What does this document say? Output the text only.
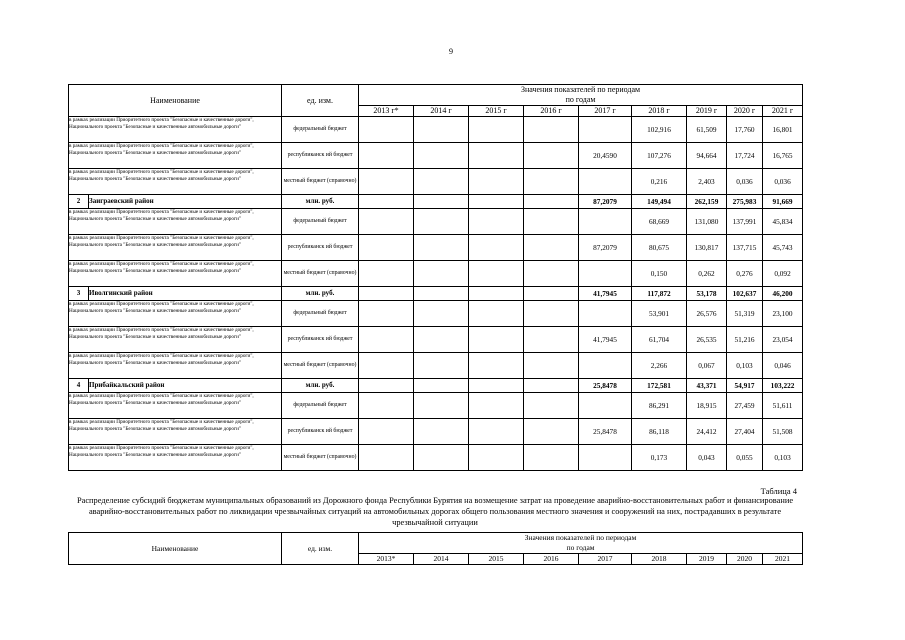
9
Наименование		ед. изм.	Значения показателей по периодам								
			по годам								
			2013 г*	2014 г	2015 г	2016 г	2017 г	2018 г	2019 г	2020 г	2021 г
в рамках реализации Приоритетного проекта "Безопасные и качественные дороги", Национального проекта "Безопасные и качественные автомобильные дороги"		федеральный бюджет						102,916	61,509	17,760	16,801
в рамках реализации Приоритетного проекта "Безопасные и качественные дороги", Национального проекта "Безопасные и качественные автомобильные дороги"		республиканск ий бюджет					20,4590	107,276	94,664	17,724	16,765
в рамках реализации Приоритетного проекта "Безопасные и качественные дороги", Национального проекта "Безопасные и качественные автомобильные дороги"		местный бюджет (справочно)						0,216	2,403	0,036	0,036
2	Заиграевский район	млн. руб.					87,2079	149,494	262,159	275,983	91,669
в рамках реализации Приоритетного проекта "Безопасные и качественные дороги", Национального проекта "Безопасные и качественные автомобильные дороги"		федеральный бюджет						68,669	131,080	137,991	45,834
в рамках реализации Приоритетного проекта "Безопасные и качественные дороги", Национального проекта "Безопасные и качественные автомобильные дороги"		республиканск ий бюджет					87,2079	80,675	130,817	137,715	45,743
в рамках реализации Приоритетного проекта "Безопасные и качественные дороги", Национального проекта "Безопасные и качественные автомобильные дороги"		местный бюджет (справочно)						0,150	0,262	0,276	0,092
3	Иволгинский район	млн. руб.					41,7945	117,872	53,178	102,637	46,200
в рамках реализации Приоритетного проекта "Безопасные и качественные дороги", Национального проекта "Безопасные и качественные автомобильные дороги"		федеральный бюджет						53,901	26,576	51,319	23,100
в рамках реализации Приоритетного проекта "Безопасные и качественные дороги", Национального проекта "Безопасные и качественные автомобильные дороги"		республиканск ий бюджет					41,7945	61,704	26,535	51,216	23,054
в рамках реализации Приоритетного проекта "Безопасные и качественные дороги", Национального проекта "Безопасные и качественные автомобильные дороги"		местный бюджет (справочно)						2,266	0,067	0,103	0,046
4	Прибайкальский район	млн. руб.					25,8478	172,581	43,371	54,917	103,222
в рамках реализации Приоритетного проекта "Безопасные и качественные дороги", Национального проекта "Безопасные и качественные автомобильные дороги"		федеральный бюджет						86,291	18,915	27,459	51,611
в рамках реализации Приоритетного проекта "Безопасные и качественные дороги", Национального проекта "Безопасные и качественные автомобильные дороги"		республиканск ий бюджет					25,8478	86,118	24,412	27,404	51,508
в рамках реализации Приоритетного проекта "Безопасные и качественные дороги", Национального проекта "Безопасные и качественные автомобильные дороги"		местный бюджет (справочно)						0,173	0,043	0,055	0,103
Таблица 4
Распределение субсидий бюджетам муниципальных образований из Дорожного фонда Республики Бурятия на возмещение затрат на проведение аварийно-восстановительных работ и финансирование аварийно-восстановительных работ по ликвидации чрезвычайных ситуаций на автомобильных дорогах общего пользования местного значения и сооружений на них, пострадавших в результате чрезвычайной ситуации
Наименование	ед. изм.	Значения показателей по периодам								
		по годам								
		2013*	2014	2015	2016	2017	2018	2019	2020	2021
